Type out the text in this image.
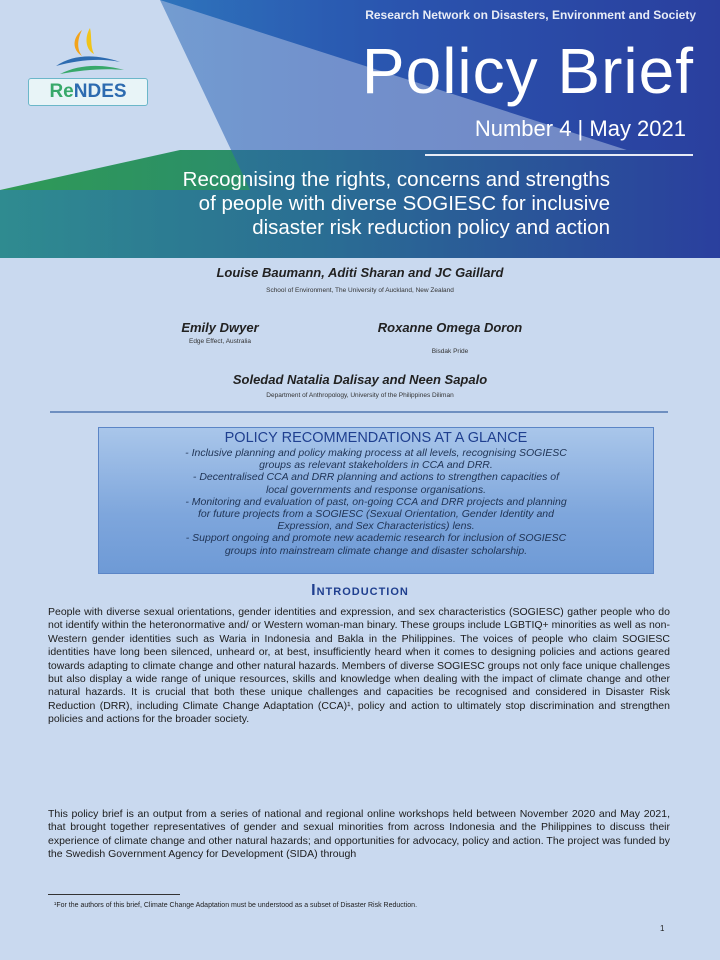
Research Network on Disasters, Environment and Society
Policy Brief
Number 4 | May 2021
Recognising the rights, concerns and strengths
of people with diverse SOGIESC for inclusive
disaster risk reduction policy and action
ReNDES
Louise Baumann, Aditi Sharan and JC Gaillard
School of Environment, The University of Auckland, New Zealand
Emily Dwyer
Edge Effect, Australia
Roxanne Omega Doron
Bisdak Pride
Soledad Natalia Dalisay and Neen Sapalo
Department of Anthropology, University of the Philippines Diliman
POLICY RECOMMENDATIONS AT A GLANCE
- Inclusive planning and policy making process at all levels, recognising SOGIESC
groups as relevant stakeholders in CCA and DRR.
- Decentralised CCA and DRR planning and actions to strengthen capacities of
local governments and response organisations.
- Monitoring and evaluation of past, on-going CCA and DRR projects and planning
for future projects from a SOGIESC (Sexual Orientation, Gender Identity and
Expression, and Sex Characteristics) lens.
- Support ongoing and promote new academic research for inclusion of SOGIESC
groups into mainstream climate change and disaster scholarship.
Introduction

People with diverse sexual orientations, gender identities and expression, and sex characteristics (SOGIESC) gather people who do not identify within the heteronormative and/ or Western woman-man binary. These groups include LGBTIQ+ minorities as well as non-Western gender identities such as Waria in Indonesia and Bakla in the Philippines. The voices of people who claim SOGIESC identities have long been silenced, unheard or, at best, insufficiently heard when it comes to designing policies and actions geared towards adapting to climate change and other natural hazards. Members of diverse SOGIESC groups not only face unique challenges but also display a wide range of unique resources, skills and knowledge when dealing with the impact of climate change and other natural hazards. It is crucial that both these unique challenges and capacities be recognised and considered in Disaster Risk Reduction (DRR), including Climate Change Adaptation (CCA)¹, policy and action to ultimately stop discrimination and strengthen policies and actions for the broader society.

This policy brief is an output from a series of national and regional online workshops held between November 2020 and May 2021, that brought together representatives of gender and sexual minorities from across Indonesia and the Philippines to discuss their experience of climate change and other natural hazards; and opportunities for advocacy, policy and action. The project was funded by the Swedish Government Agency for Development (SIDA) through

¹For the authors of this brief, Climate Change Adaptation must be understood as a subset of Disaster Risk Reduction.
1
